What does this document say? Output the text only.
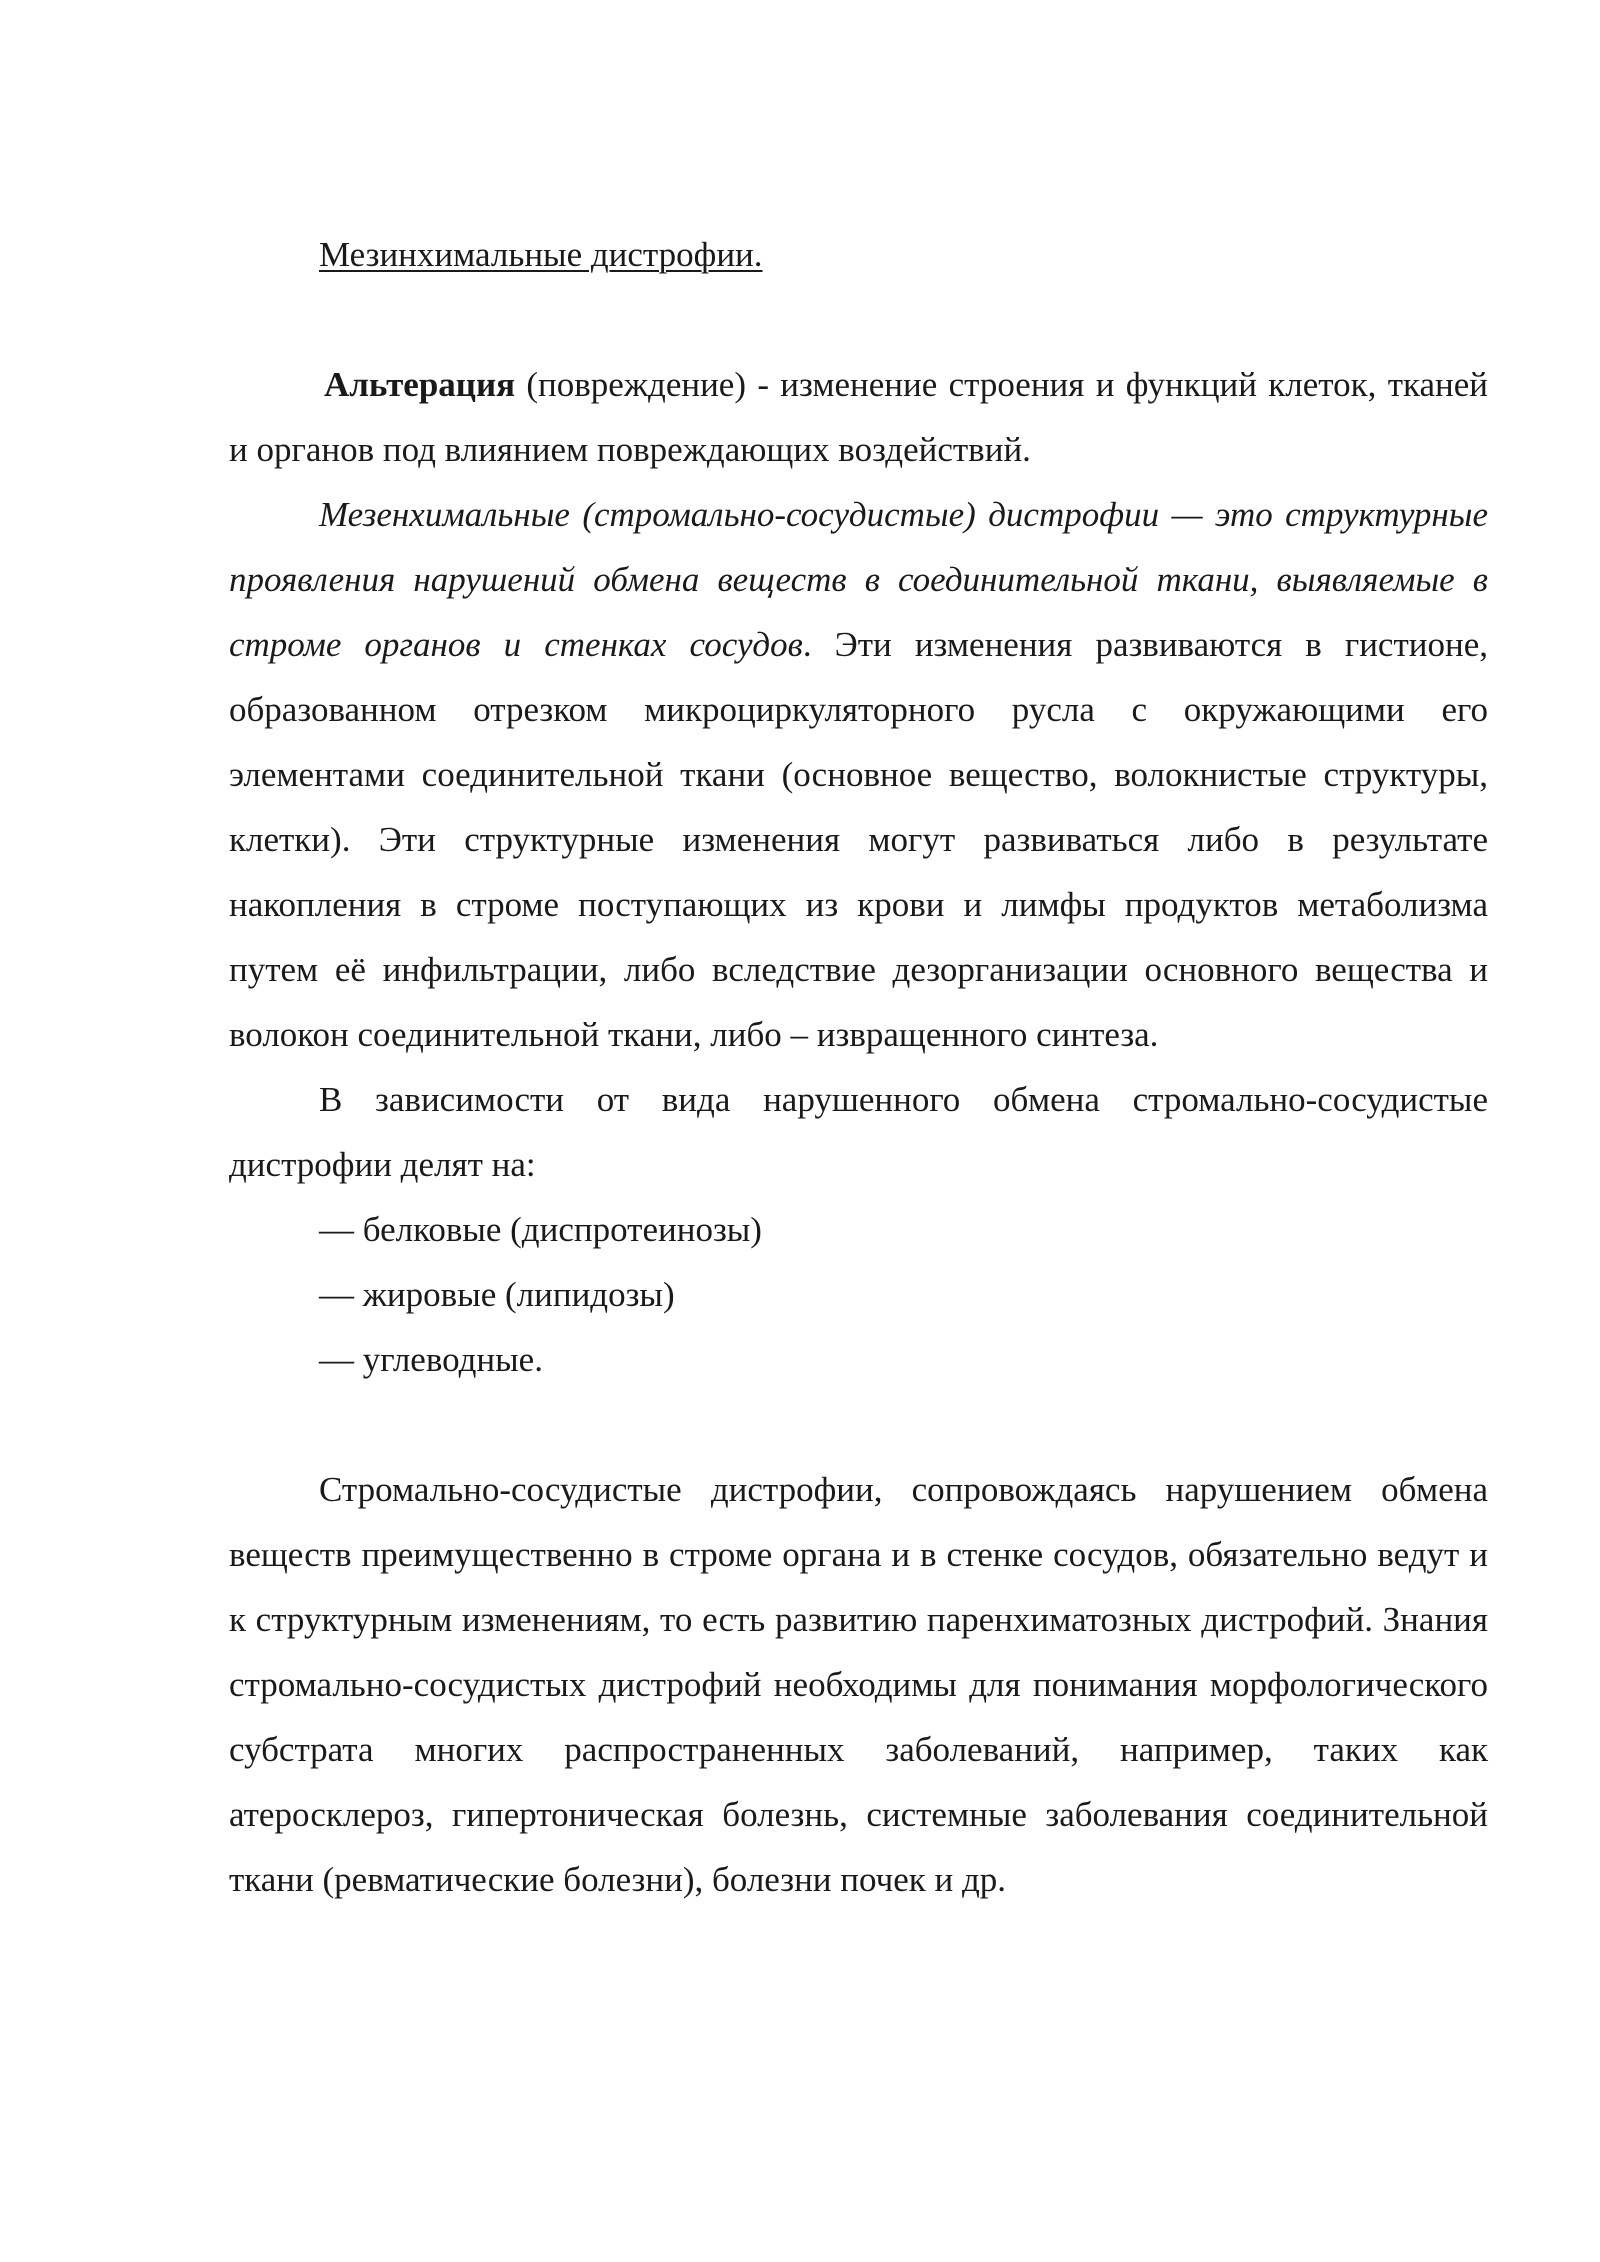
Мезинхимальные дистрофии.

Альтерация (повреждение) - изменение строения и функций клеток, тканей и органов под влиянием повреждающих воздействий.

Мезенхимальные (стромально-сосудистые) дистрофии — это структурные проявления нарушений обмена веществ в соединительной ткани, выявляемые в строме органов и стенках сосудов. Эти изменения развиваются в гистионе, образованном отрезком микроциркуляторного русла с окружающими его элементами соединительной ткани (основное вещество, волокнистые структуры, клетки). Эти структурные изменения могут развиваться либо в результате накопления в строме поступающих из крови и лимфы продуктов метаболизма путем её инфильтрации, либо вследствие дезорганизации основного вещества и волокон соединительной ткани, либо – извращенного синтеза.

В зависимости от вида нарушенного обмена стромально-сосудистые дистрофии делят на:

— белковые (диспротеинозы)
— жировые (липидозы)
— углеводные.

Стромально-сосудистые дистрофии, сопровождаясь нарушением обмена веществ преимущественно в строме органа и в стенке сосудов, обязательно ведут и к структурным изменениям, то есть развитию паренхиматозных дистрофий. Знания стромально-сосудистых дистрофий необходимы для понимания морфологического субстрата многих распространенных заболеваний, например, таких как атеросклероз, гипертоническая болезнь, системные заболевания соединительной ткани (ревматические болезни), болезни почек и др.
